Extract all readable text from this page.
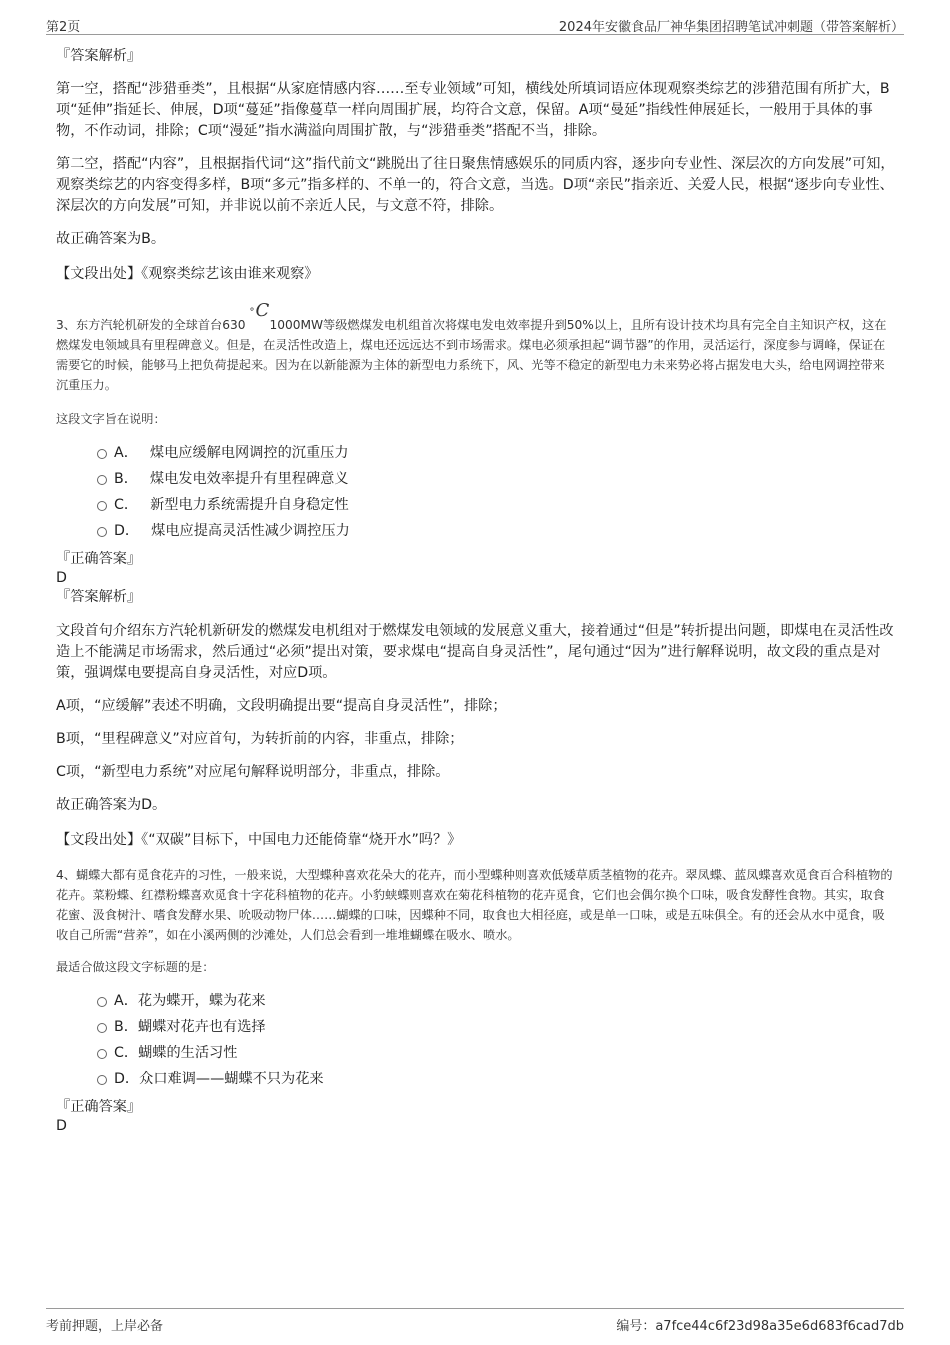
第2页	2024年安徽食品厂神华集团招聘笔试冲刺题（带答案解析）

『答案解析』

第一空，搭配“涉猎垂类”，且根据“从家庭情感内容……至专业领域”可知，横线处所填词语应体现观察类综艺的涉猎范围有所扩大，B项“延伸”指延长、伸展，D项“蔓延”指像蔓草一样向周围扩展，均符合文意，保留。A项“曼延”指线性伸展延长，一般用于具体的事物，不作动词，排除；C项“漫延”指水满溢向周围扩散，与“涉猎垂类”搭配不当，排除。

第二空，搭配“内容”，且根据指代词“这”指代前文“跳脱出了往日聚焦情感娱乐的同质内容，逐步向专业性、深层次的方向发展”可知，观察类综艺的内容变得多样，B项“多元”指多样的、不单一的，符合文意，当选。D项“亲民”指亲近、关爱人民，根据“逐步向专业性、深层次的方向发展”可知，并非说以前不亲近人民，与文意不符，排除。

故正确答案为B。

【文段出处】《观察类综艺该由谁来观察》

3、东方汽轮机研发的全球首台630
° C
1000MW等级燃煤发电机组首次将煤电发电效率提升到50%以上，且所有设计技术均具有完全自主知识产权，这在燃煤发电领域具有里程碑意义。但是，在灵活性改造上，煤电还远远达不到市场需求。煤电必须承担起“调节器”的作用，灵活运行，深度参与调峰，保证在需要它的时候，能够马上把负荷提起来。因为在以新能源为主体的新型电力系统下，风、光等不稳定的新型电力未来势必将占据发电大头，给电网调控带来沉重压力。

这段文字旨在说明：

A． 煤电应缓解电网调控的沉重压力
B． 煤电发电效率提升有里程碑意义
C． 新型电力系统需提升自身稳定性
D． 煤电应提高灵活性减少调控压力

『正确答案』

D

『答案解析』

文段首句介绍东方汽轮机新研发的燃煤发电机组对于燃煤发电领域的发展意义重大，接着通过“但是”转折提出问题，即煤电在灵活性改造上不能满足市场需求，然后通过“必须”提出对策，要求煤电“提高自身灵活性”，尾句通过“因为”进行解释说明，故文段的重点是对策，强调煤电要提高自身灵活性，对应D项。

A项，“应缓解”表述不明确，文段明确提出要“提高自身灵活性”，排除；

B项，“里程碑意义”对应首句，为转折前的内容，非重点，排除；

C项，“新型电力系统”对应尾句解释说明部分，非重点，排除。

故正确答案为D。

【文段出处】《“双碳”目标下，中国电力还能倚靠“烧开水”吗？》

4、蝴蝶大都有觅食花卉的习性，一般来说，大型蝶种喜欢花朵大的花卉，而小型蝶种则喜欢低矮草质茎植物的花卉。翠凤蝶、蓝凤蝶喜欢觅食百合科植物的花卉。菜粉蝶、红襟粉蝶喜欢觅食十字花科植物的花卉。小豹蛱蝶则喜欢在菊花科植物的花卉觅食，它们也会偶尔换个口味，吸食发酵性食物。其实，取食花蜜、汲食树汁、嗜食发酵水果、吮吸动物尸体……蝴蝶的口味，因蝶种不同，取食也大相径庭，或是单一口味，或是五味俱全。有的还会从水中觅食，吸收自己所需“营养”，如在小溪两侧的沙滩处，人们总会看到一堆堆蝴蝶在吸水、喷水。

最适合做这段文字标题的是：

A．花为蝶开，蝶为花来
B．蝴蝶对花卉也有选择
C．蝴蝶的生活习性
D．众口难调——蝴蝶不只为花来

『正确答案』

D

考前押题，上岸必备	编号：a7fce44c6f23d98a35e6d683f6cad7db
